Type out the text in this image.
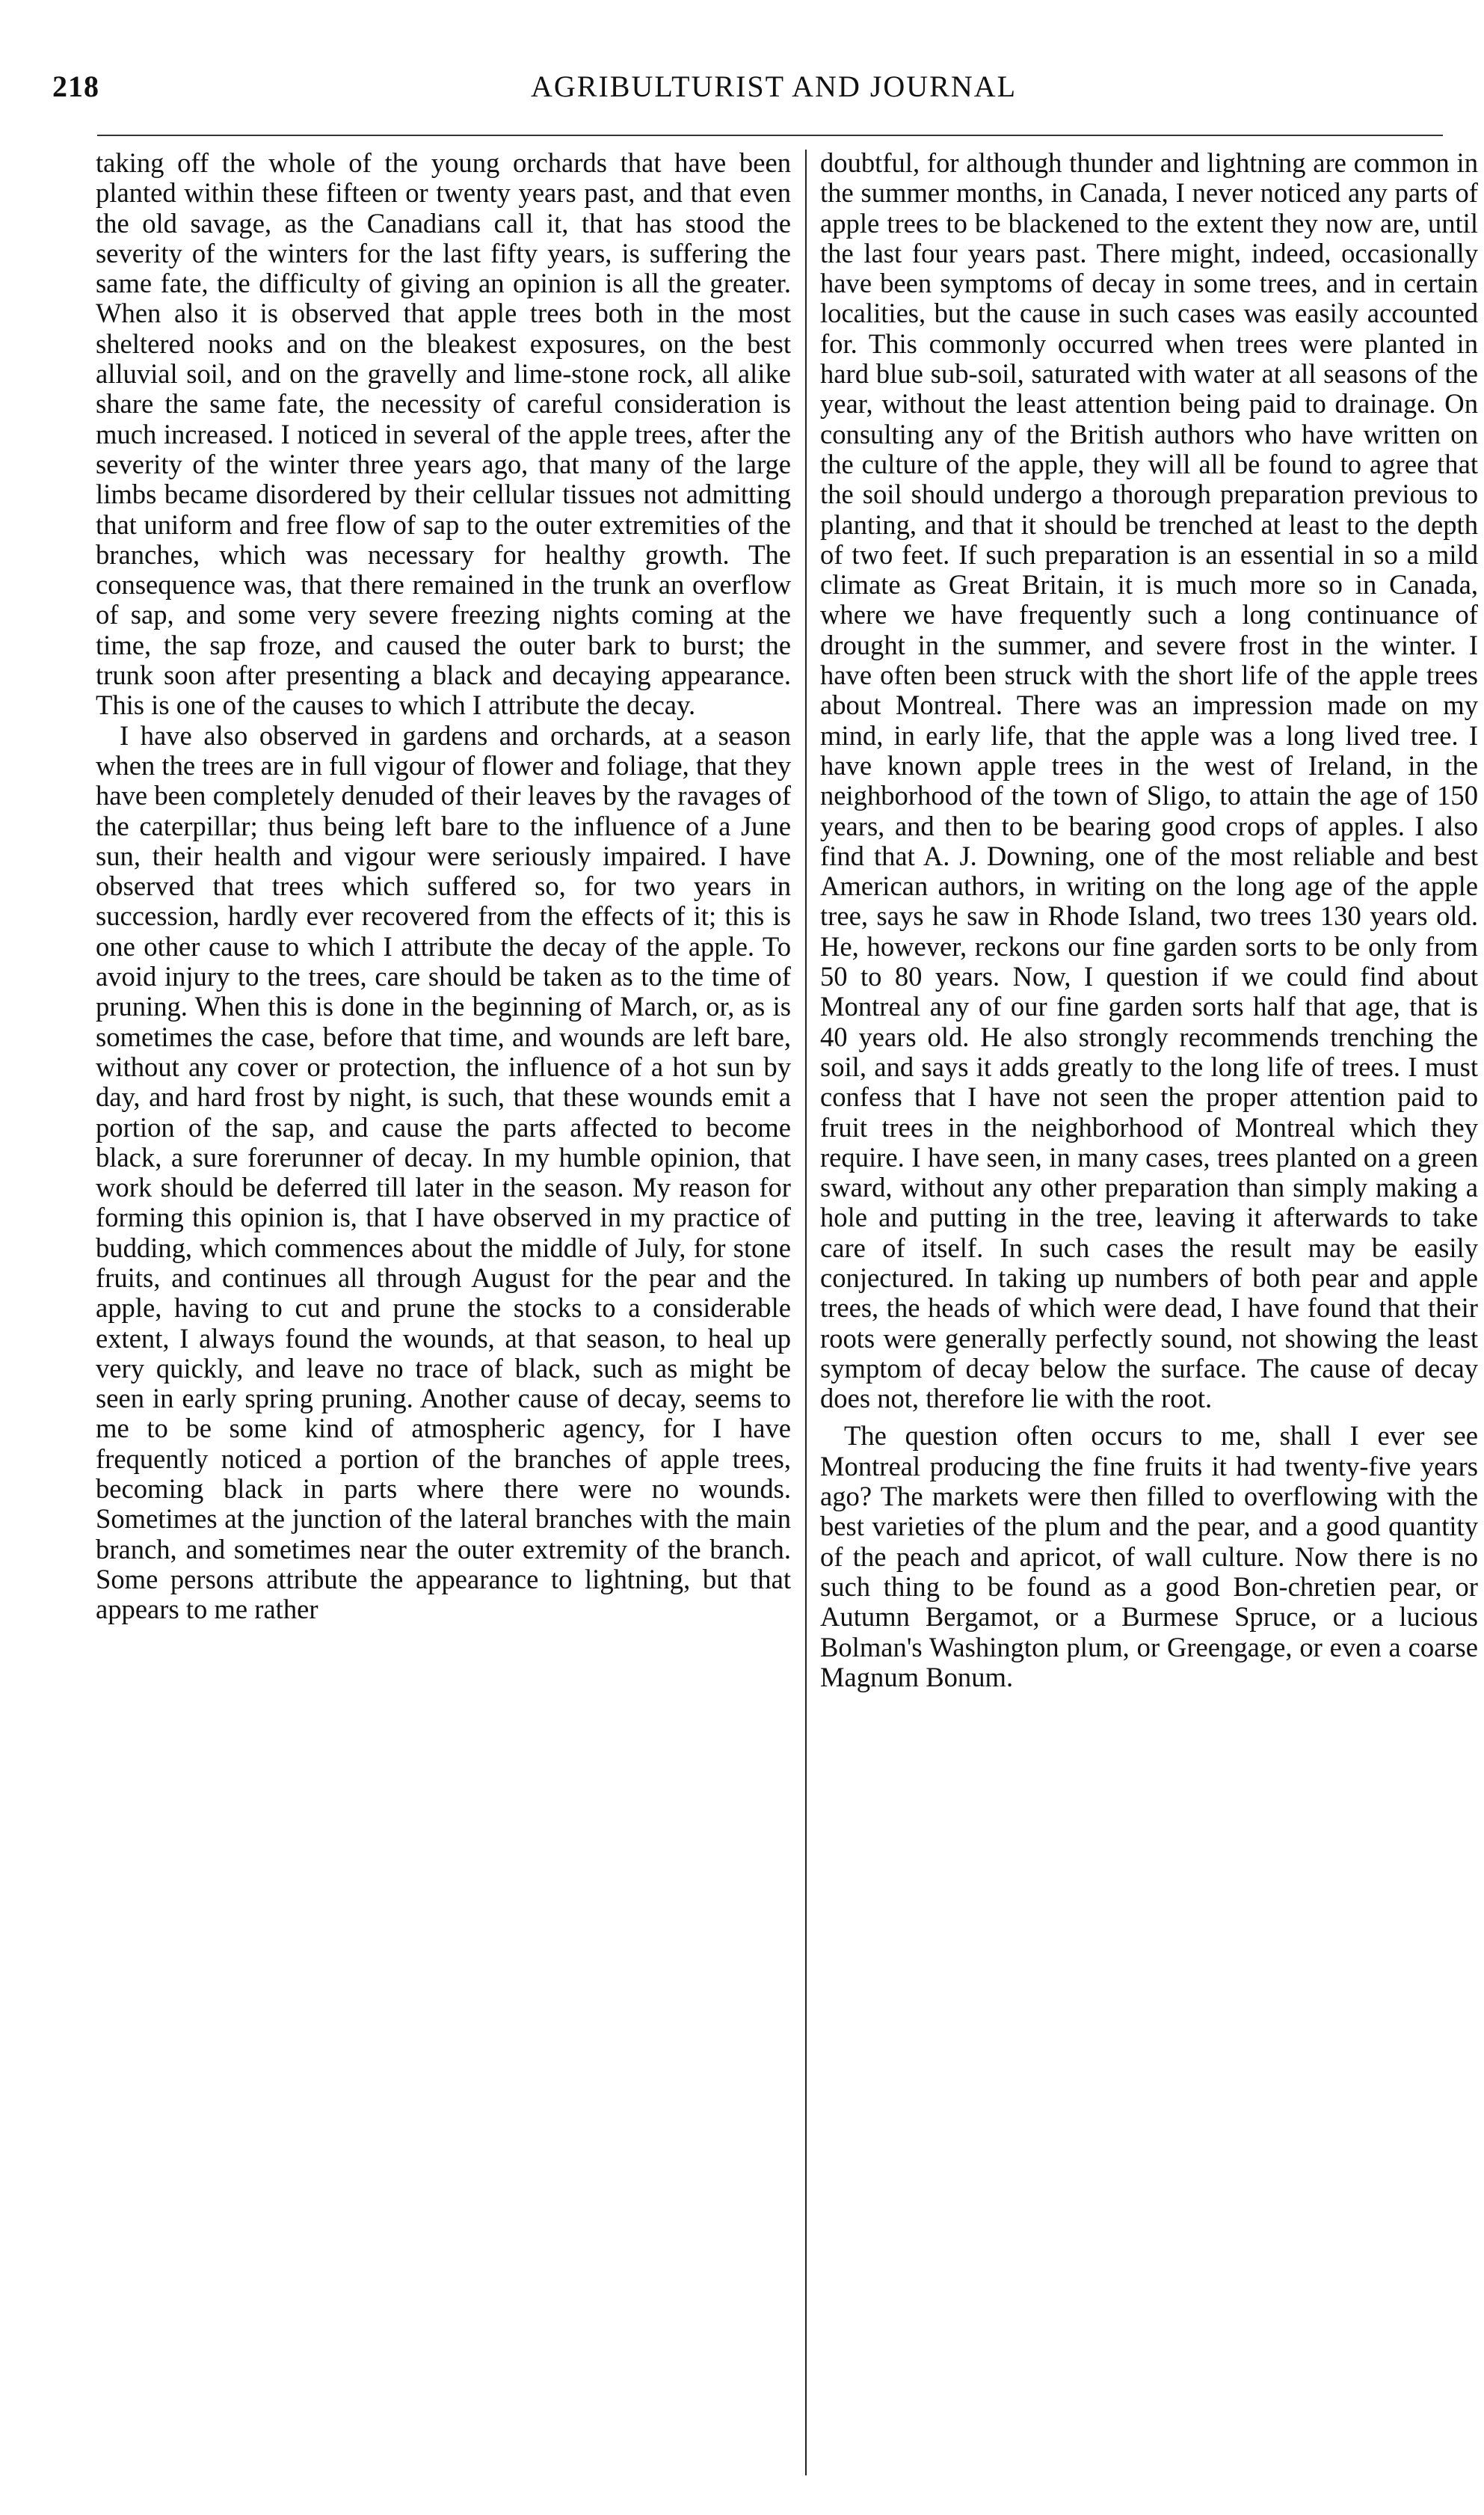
218	AGRIBULTURIST AND JOURNAL

taking off the whole of the young orchards that have been planted within these fifteen or twenty years past, and that even the old savage, as the Canadians call it, that has stood the severity of the winters for the last fifty years, is suffering the same fate, the difficulty of giving an opinion is all the greater. When also it is observed that apple trees both in the most sheltered nooks and on the bleakest exposures, on the best alluvial soil, and on the gravelly and lime-stone rock, all alike share the same fate, the necessity of careful consideration is much increased. I noticed in several of the apple trees, after the severity of the winter three years ago, that many of the large limbs became disordered by their cellular tissues not admitting that uniform and free flow of sap to the outer extremities of the branches, which was necessary for healthy growth. The consequence was, that there remained in the trunk an overflow of sap, and some very severe freezing nights coming at the time, the sap froze, and caused the outer bark to burst; the trunk soon after presenting a black and decaying appearance. This is one of the causes to which I attribute the decay.

I have also observed in gardens and orchards, at a season when the trees are in full vigour of flower and foliage, that they have been completely denuded of their leaves by the ravages of the caterpillar; thus being left bare to the influence of a June sun, their health and vigour were seriously impaired. I have observed that trees which suffered so, for two years in succession, hardly ever recovered from the effects of it; this is one other cause to which I attribute the decay of the apple. To avoid injury to the trees, care should be taken as to the time of pruning. When this is done in the beginning of March, or, as is sometimes the case, before that time, and wounds are left bare, without any cover or protection, the influence of a hot sun by day, and hard frost by night, is such, that these wounds emit a portion of the sap, and cause the parts affected to become black, a sure forerunner of decay. In my humble opinion, that work should be deferred till later in the season. My reason for forming this opinion is, that I have observed in my practice of budding, which commences about the middle of July, for stone fruits, and continues all through August for the pear and the apple, having to cut and prune the stocks to a considerable extent, I always found the wounds, at that season, to heal up very quickly, and leave no trace of black, such as might be seen in early spring pruning. Another cause of decay, seems to me to be some kind of atmospheric agency, for I have frequently noticed a portion of the branches of apple trees, becoming black in parts where there were no wounds. Sometimes at the junction of the lateral branches with the main branch, and sometimes near the outer extremity of the branch. Some persons attribute the appearance to lightning, but that appears to me rather

doubtful, for although thunder and lightning are common in the summer months, in Canada, I never noticed any parts of apple trees to be blackened to the extent they now are, until the last four years past. There might, indeed, occasionally have been symptoms of decay in some trees, and in certain localities, but the cause in such cases was easily accounted for. This commonly occurred when trees were planted in hard blue sub-soil, saturated with water at all seasons of the year, without the least attention being paid to drainage. On consulting any of the British authors who have written on the culture of the apple, they will all be found to agree that the soil should undergo a thorough preparation previous to planting, and that it should be trenched at least to the depth of two feet. If such preparation is an essential in so a mild climate as Great Britain, it is much more so in Canada, where we have frequently such a long continuance of drought in the summer, and severe frost in the winter. I have often been struck with the short life of the apple trees about Montreal. There was an impression made on my mind, in early life, that the apple was a long lived tree. I have known apple trees in the west of Ireland, in the neighborhood of the town of Sligo, to attain the age of 150 years, and then to be bearing good crops of apples. I also find that A. J. Downing, one of the most reliable and best American authors, in writing on the long age of the apple tree, says he saw in Rhode Island, two trees 130 years old. He, however, reckons our fine garden sorts to be only from 50 to 80 years. Now, I question if we could find about Montreal any of our fine garden sorts half that age, that is 40 years old. He also strongly recommends trenching the soil, and says it adds greatly to the long life of trees. I must confess that I have not seen the proper attention paid to fruit trees in the neighborhood of Montreal which they require. I have seen, in many cases, trees planted on a green sward, without any other preparation than simply making a hole and putting in the tree, leaving it afterwards to take care of itself. In such cases the result may be easily conjectured. In taking up numbers of both pear and apple trees, the heads of which were dead, I have found that their roots were generally perfectly sound, not showing the least symptom of decay below the surface. The cause of decay does not, therefore lie with the root.

The question often occurs to me, shall I ever see Montreal producing the fine fruits it had twenty-five years ago? The markets were then filled to overflowing with the best varieties of the plum and the pear, and a good quantity of the peach and apricot, of wall culture. Now there is no such thing to be found as a good Bon-chretien pear, or Autumn Bergamot, or a Burmese Spruce, or a lucious Bolman's Washington plum, or Greengage, or even a coarse Magnum Bonum.
